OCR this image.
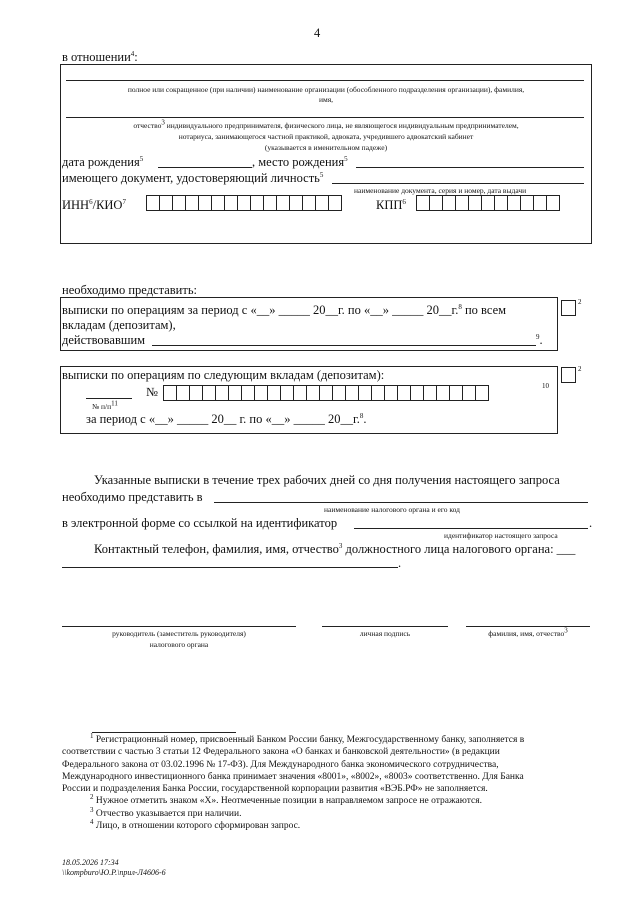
4
в отношении$^4$:
полное или сокращенное (при наличии) наименование организации (обособленного подразделения организации), фамилия,
имя,
отчество$^3$ индивидуального предпринимателя, физического лица, не являющегося индивидуальным предпринимателем,
нотариуса, занимающегося частной практикой, адвоката, учредившего адвокатский кабинет
(указывается в именительном падеже)
дата рождения$^5$	, место рождения$^5$
имеющего документ, удостоверяющий личность$^5$
наименование документа, серия и номер, дата выдачи
ИНН$^6$/КИО$^7$	КПП$^6$
необходимо представить:
2
выписки по операциям за период с «__» _____ 20__г. по «__» _____ 20__г.$^8$ по всем
вкладам (депозитам),
действовавшим	$^9$.
2
выписки по операциям по следующим вкладам (депозитам):
№
№ $п/п^{11}$
10
за период с «__» _____ 20__ г. по «__» _____ 20__г.$^8$.
Указанные выписки в течение трех рабочих дней со дня получения настоящего запроса
необходимо представить в
наименование налогового органа и его код
в электронной форме со ссылкой на идентификатор	.
идентификатор настоящего запроса
Контактный телефон, фамилия, имя, отчество$^3$ должностного лица налогового органа: ___
.
руководитель (заместитель руководителя)
налогового органа
личная подпись	фамилия, имя, отчество$^3$
$^1$ Регистрационный номер, присвоенный Банком России банку, Межгосударственному банку, заполняется в
соответствии с частью 3 статьи 12 Федерального закона «О банках и банковской деятельности» (в редакции
Федерального закона от 03.02.1996 № 17-ФЗ). Для Международного банка экономического сотрудничества,
Международного инвестиционного банка принимает значения «8001», «8002», «8003» соответственно. Для Банка
России и подразделения Банка России, государственной корпорации развития «ВЭБ.РФ» не заполняется.
$^2$ Нужное отметить знаком «Х». Неотмеченные позиции в направляемом запросе не отражаются.
$^3$ Отчество указывается при наличии.
$^4$ Лицо, в отношении которого сформирован запрос.
18.05.2026 17:34
\\kompburo\Ю.Р.\прил-Л4606-6
